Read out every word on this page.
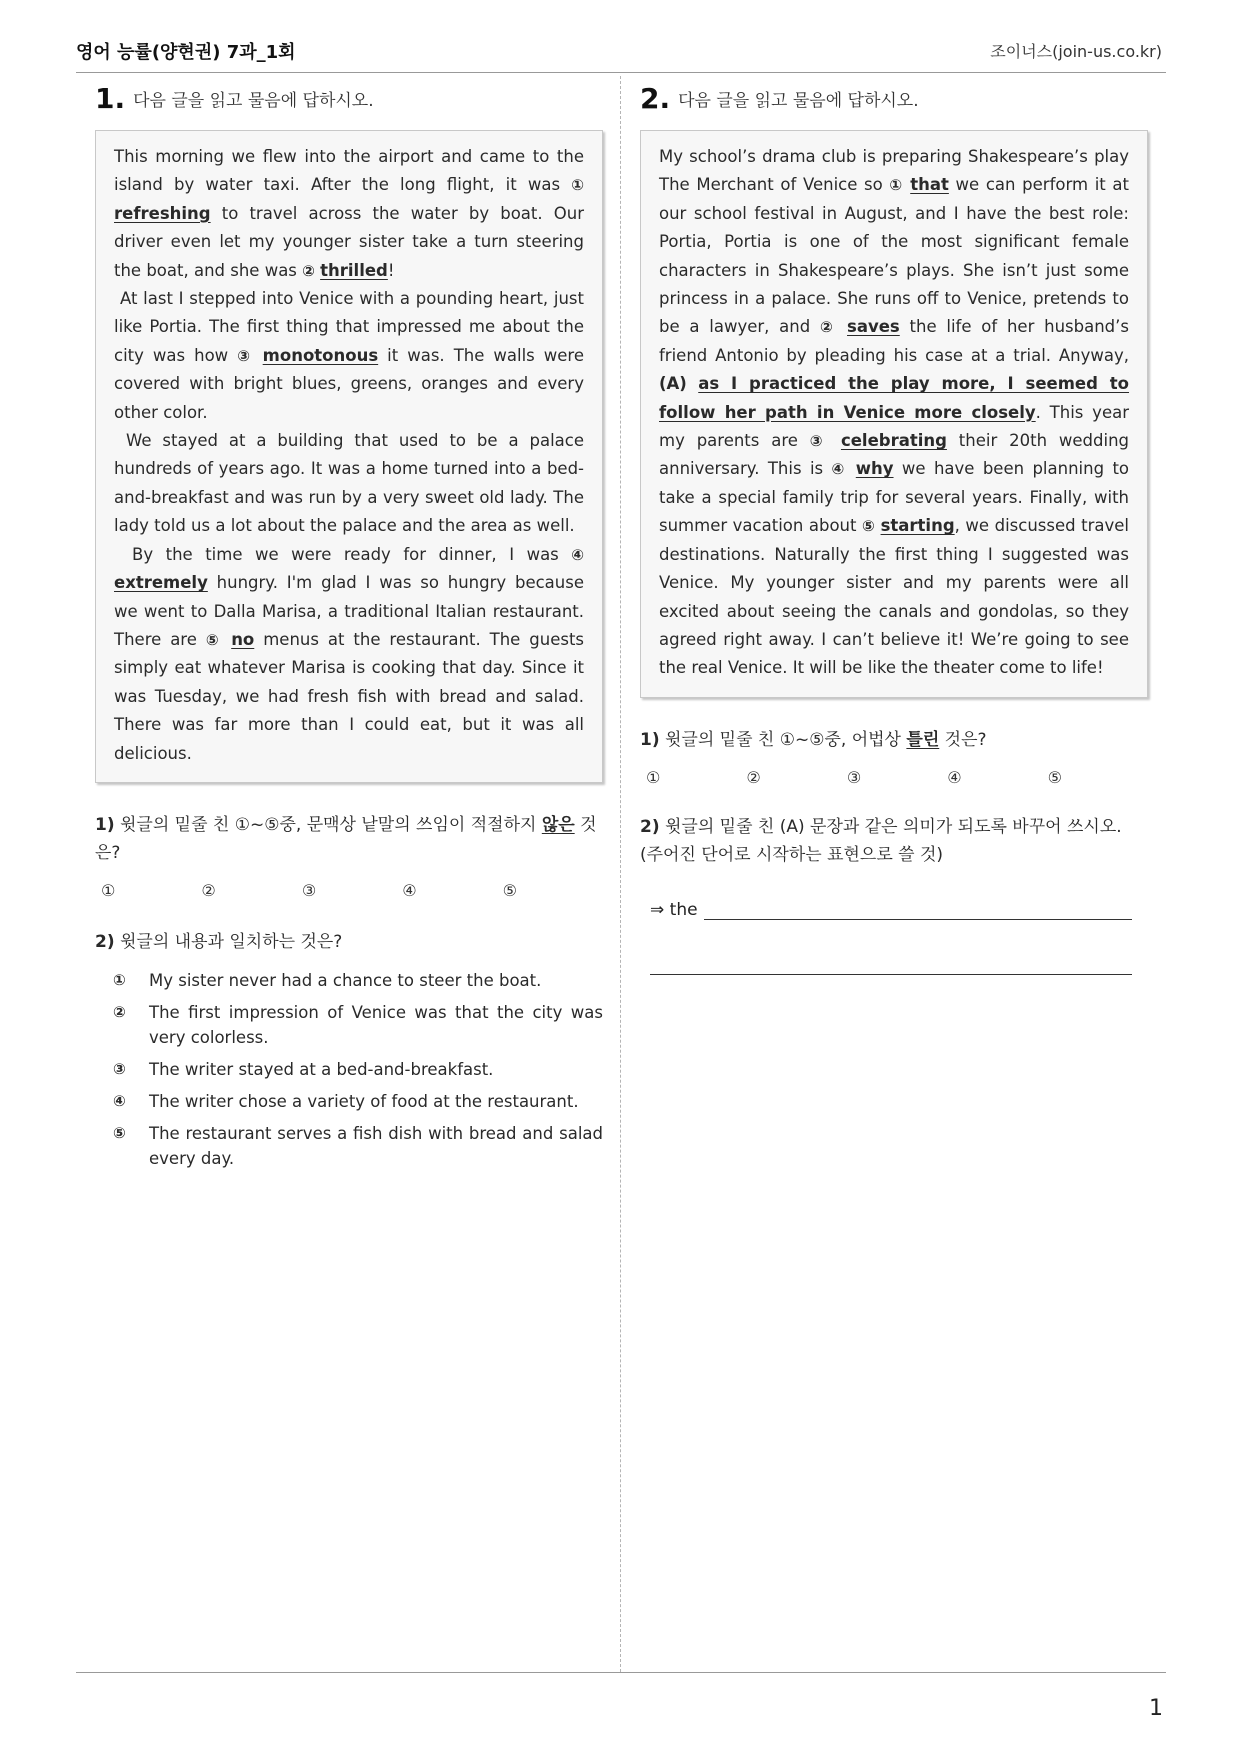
영어 능률(양현권) 7과_1회	조이너스(join-us.co.kr)
1. 다음 글을 읽고 물음에 답하시오.

This morning we flew into the airport and came to the island by water taxi. After the long flight, it was ① refreshing to travel across the water by boat. Our driver even let my younger sister take a turn steering the boat, and she was ② thrilled!

At last I stepped into Venice with a pounding heart, just like Portia. The first thing that impressed me about the city was how ③ monotonous it was. The walls were covered with bright blues, greens, oranges and every other color.

We stayed at a building that used to be a palace hundreds of years ago. It was a home turned into a bed-and-breakfast and was run by a very sweet old lady. The lady told us a lot about the palace and the area as well.

By the time we were ready for dinner, I was ④ extremely hungry. I'm glad I was so hungry because we went to Dalla Marisa, a traditional Italian restaurant. There are ⑤ no menus at the restaurant. The guests simply eat whatever Marisa is cooking that day. Since it was Tuesday, we had fresh fish with bread and salad. There was far more than I could eat, but it was all delicious.

1) 윗글의 밑줄 친 ①~⑤중, 문맥상 낱말의 쓰임이 적절하지 않은 것은?
①	②	③	④	⑤
2) 윗글의 내용과 일치하는 것은?
①	My sister never had a chance to steer the boat.
②	The first impression of Venice was that the city was very colorless.
③	The writer stayed at a bed-and-breakfast.
④	The writer chose a variety of food at the restaurant.
⑤	The restaurant serves a fish dish with bread and salad every day.
2. 다음 글을 읽고 물음에 답하시오.

My school’s drama club is preparing Shakespeare’s play The Merchant of Venice so ① that we can perform it at our school festival in August, and I have the best role: Portia, Portia is one of the most significant female characters in Shakespeare’s plays. She isn’t just some princess in a palace. She runs off to Venice, pretends to be a lawyer, and ② saves the life of her husband’s friend Antonio by pleading his case at a trial. Anyway, (A) as I practiced the play more, I seemed to follow her path in Venice more closely. This year my parents are ③ celebrating their 20th wedding anniversary. This is ④ why we have been planning to take a special family trip for several years. Finally, with summer vacation about ⑤ starting, we discussed travel destinations. Naturally the first thing I suggested was Venice. My younger sister and my parents were all excited about seeing the canals and gondolas, so they agreed right away. I can’t believe it! We’re going to see the real Venice. It will be like the theater come to life!

1) 윗글의 밑줄 친 ①~⑤중, 어법상 틀린 것은?
①	②	③	④	⑤
2) 윗글의 밑줄 친 (A) 문장과 같은 의미가 되도록 바꾸어 쓰시오. (주어진 단어로 시작하는 표현으로 쓸 것)
⇒ the
1
